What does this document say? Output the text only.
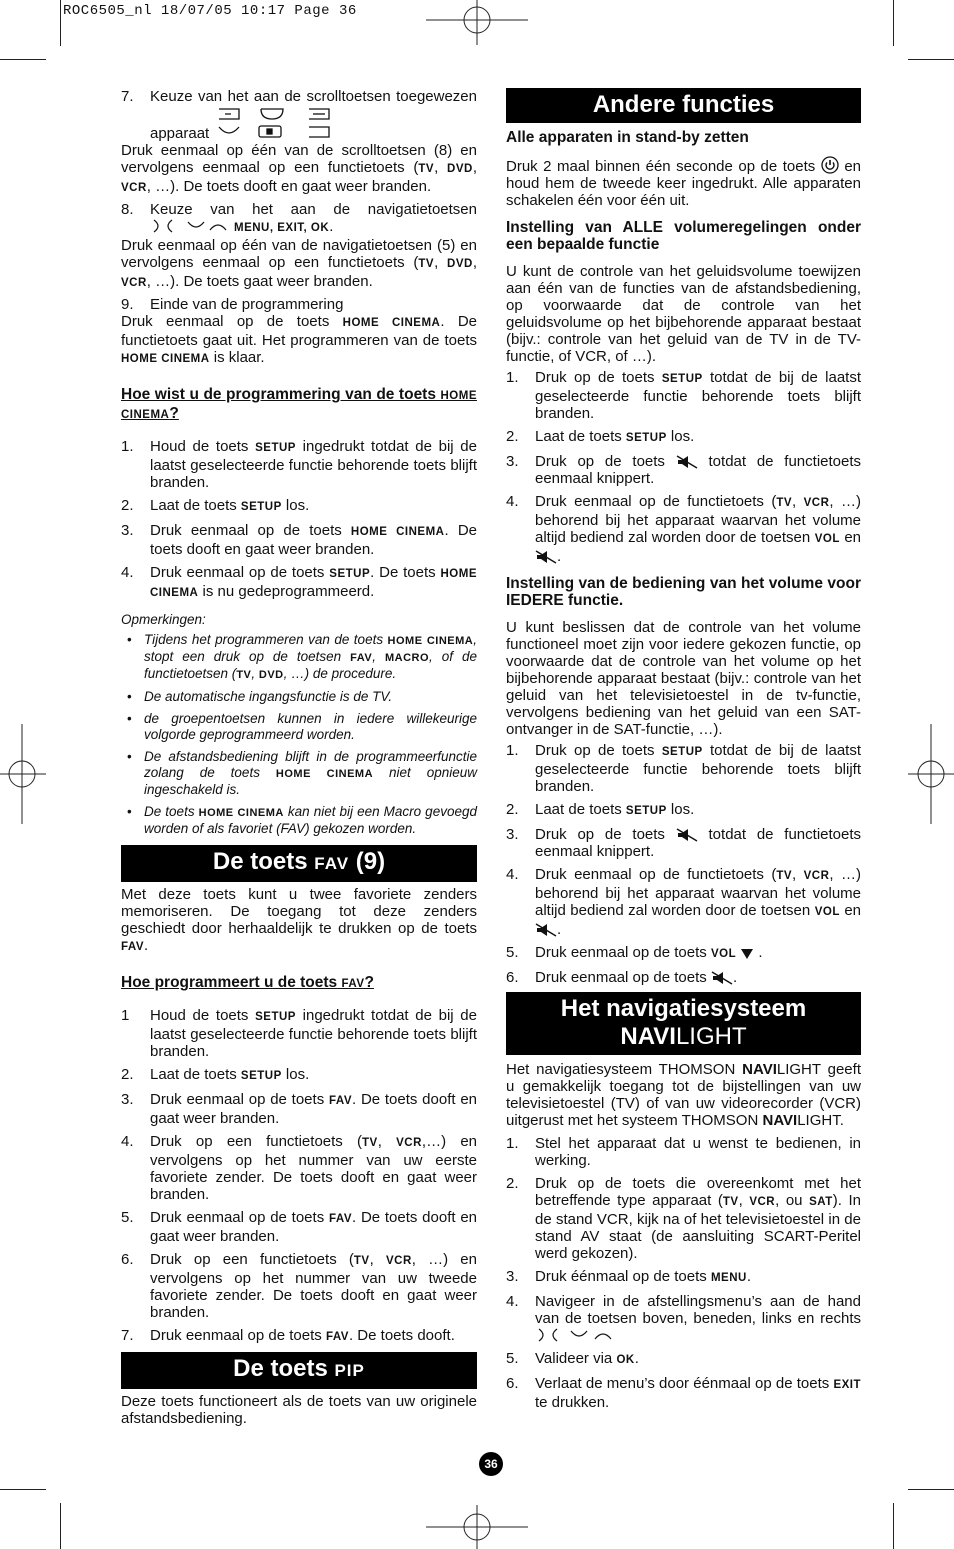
ROC6505_nl 18/07/05 10:17 Page 36
7. Keuze van het aan de scrolltoetsen toegewezen apparaat

Druk eenmaal op één van de scrolltoetsen (8) en vervolgens eenmaal op een functietoets (TV, DVD, VCR, …). De toets dooft en gaat weer branden.

8. Keuze van het aan de navigatietoetsen MENU, EXIT, OK.

Druk eenmaal op één van de navigatietoetsen (5) en vervolgens eenmaal op een functietoets (TV, DVD, VCR, …). De toets gaat weer branden.

9. Einde van de programmering

Druk eenmaal op de toets HOME CINEMA. De functietoets gaat uit. Het programmeren van de toets HOME CINEMA is klaar.

Hoe wist u de programmering van de toets HOME CINEMA?
1. Houd de toets SETUP ingedrukt totdat de bij de laatst geselecteerde functie behorende toets blijft branden.
2. Laat de toets SETUP los.
3. Druk eenmaal op de toets HOME CINEMA. De toets dooft en gaat weer branden.
4. Druk eenmaal op de toets SETUP. De toets HOME CINEMA is nu gedeprogrammeerd.

Opmerkingen:

• Tijdens het programmeren van de toets HOME CINEMA, stopt een druk op de toetsen FAV, MACRO, of de functietoetsen (TV, DVD, …) de procedure.
• De automatische ingangsfunctie is de TV.
• de groepentoetsen kunnen in iedere willekeurige volgorde geprogrammeerd worden.
• De afstandsbediening blijft in de programmeerfunctie zolang de toets HOME CINEMA niet opnieuw ingeschakeld is.
• De toets HOME CINEMA kan niet bij een Macro gevoegd worden of als favoriet (FAV) gekozen worden.
De toets FAV (9)

Met deze toets kunt u twee favoriete zenders memoriseren. De toegang tot deze zenders geschiedt door herhaaldelijk te drukken op de toets FAV.

Hoe programmeert u de toets FAV?
1 Houd de toets SETUP ingedrukt totdat de bij de laatst geselecteerde functie behorende toets blijft branden.
2. Laat de toets SETUP los.
3. Druk eenmaal op de toets FAV. De toets dooft en gaat weer branden.
4. Druk op een functietoets (TV, VCR,…) en vervolgens op het nummer van uw eerste favoriete zender. De toets dooft en gaat weer branden.
5. Druk eenmaal op de toets FAV. De toets dooft en gaat weer branden.
6. Druk op een functietoets (TV, VCR, …) en vervolgens op het nummer van uw tweede favoriete zender. De toets dooft en gaat weer branden.
7. Druk eenmaal op de toets FAV. De toets dooft.
De toets PIP

Deze toets functioneert als de toets van uw originele afstandsbediening.

Andere functies
Alle apparaten in stand-by zetten

Druk 2 maal binnen één seconde op de toets en houd hem de tweede keer ingedrukt. Alle apparaten schakelen één voor één uit.

Instelling van ALLE volumeregelingen onder een bepaalde functie

U kunt de controle van het geluidsvolume toewijzen aan één van de functies van de afstandsbediening, op voorwaarde dat de controle van het geluidsvolume op het bijbehorende apparaat bestaat (bijv.: controle van het geluid van de TV in de TV-functie, of VCR, of …).

1. Druk op de toets SETUP totdat de bij de laatst geselecteerde functie behorende toets blijft branden.
2. Laat de toets SETUP los.
3. Druk op de toets	totdat de functietoets eenmaal knippert.
4. Druk eenmaal op de functietoets (TV, VCR, …) behorend bij het apparaat waarvan het volume altijd bediend zal worden door de toetsen VOL en .
Instelling van de bediening van het volume voor IEDERE functie.

U kunt beslissen dat de controle van het volume functioneel moet zijn voor iedere gekozen functie, op voorwaarde dat de controle van het volume op het bijbehorende apparaat bestaat (bijv.: controle van het geluid van het televisietoestel in de tv-functie, vervolgens bediening van het geluid van een SAT-ontvanger in de SAT-functie, …).

1. Druk op de toets SETUP totdat de bij de laatst geselecteerde functie behorende toets blijft branden.
2. Laat de toets SETUP los.
3. Druk op de toets	totdat de functietoets eenmaal knippert.
4. Druk eenmaal op de functietoets (TV, VCR, …) behorend bij het apparaat waarvan het volume altijd bediend zal worden door de toetsen VOL en .
5. Druk eenmaal op de toets VOL  .
6. Druk eenmaal op de toets .
Het navigatiesysteem
NAVILIGHT

Het navigatiesysteem THOMSON NAVILIGHT geeft u gemakkelijk toegang tot de bijstellingen van uw televisietoestel (TV) of van uw videorecorder (VCR) uitgerust met het systeem THOMSON NAVILIGHT.

1. Stel het apparaat dat u wenst te bedienen, in werking.
2. Druk op de toets die overeenkomt met het betreffende type apparaat (TV, VCR, ou SAT). In de stand VCR, kijk na of het televisietoestel in de stand AV staat (de aansluiting SCART-Peritel werd gekozen).
3. Druk éénmaal op de toets MENU.
4. Navigeer in de afstellingsmenu’s aan de hand van de toetsen boven, beneden, links en rechts
5. Valideer via OK.
6. Verlaat de menu’s door éénmaal op de toets EXIT te drukken.
36
